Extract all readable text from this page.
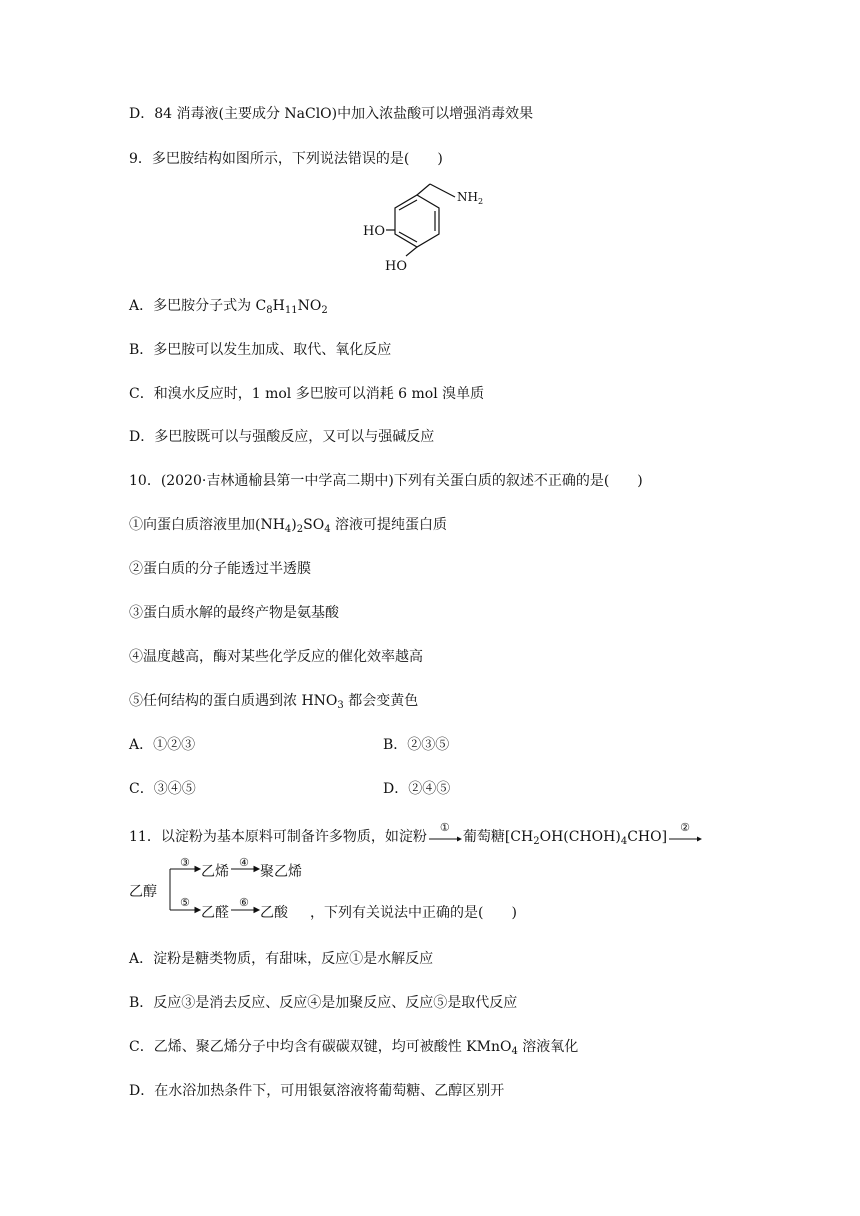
D．84 消毒液(主要成分 NaClO)中加入浓盐酸可以增强消毒效果
9．多巴胺结构如图所示，下列说法错误的是(　　)
$NH_2$
HO
HO
A．多巴胺分子式为 $C_8H_{11}NO_2$
B．多巴胺可以发生加成、取代、氧化反应
C．和溴水反应时，1 mol 多巴胺可以消耗 6 mol 溴单质
D．多巴胺既可以与强酸反应，又可以与强碱反应
10．(2020·吉林通榆县第一中学高二期中)下列有关蛋白质的叙述不正确的是(　　)
①向蛋白质溶液里加$(NH_4)_2SO_4$ 溶液可提纯蛋白质
②蛋白质的分子能透过半透膜
③蛋白质水解的最终产物是氨基酸
④温度越高，酶对某些化学反应的催化效率越高
⑤任何结构的蛋白质遇到浓 $HNO_3$ 都会变黄色
A．①②③	B．②③⑤
C．③④⑤	D．②④⑤
11．以淀粉为基本原料可制备许多物质，如淀粉
①
葡萄糖$[CH_2OH(CHOH)_4CHO]$
②
乙醇
③
乙烯
④
聚乙烯
⑤
乙醛
⑥
乙酸 ，下列有关说法中正确的是(　　)
A．淀粉是糖类物质，有甜味，反应①是水解反应
B．反应③是消去反应、反应④是加聚反应、反应⑤是取代反应
C．乙烯、聚乙烯分子中均含有碳碳双键，均可被酸性 KMnO$_4$ 溶液氧化
D．在水浴加热条件下，可用银氨溶液将葡萄糖、乙醇区别开
